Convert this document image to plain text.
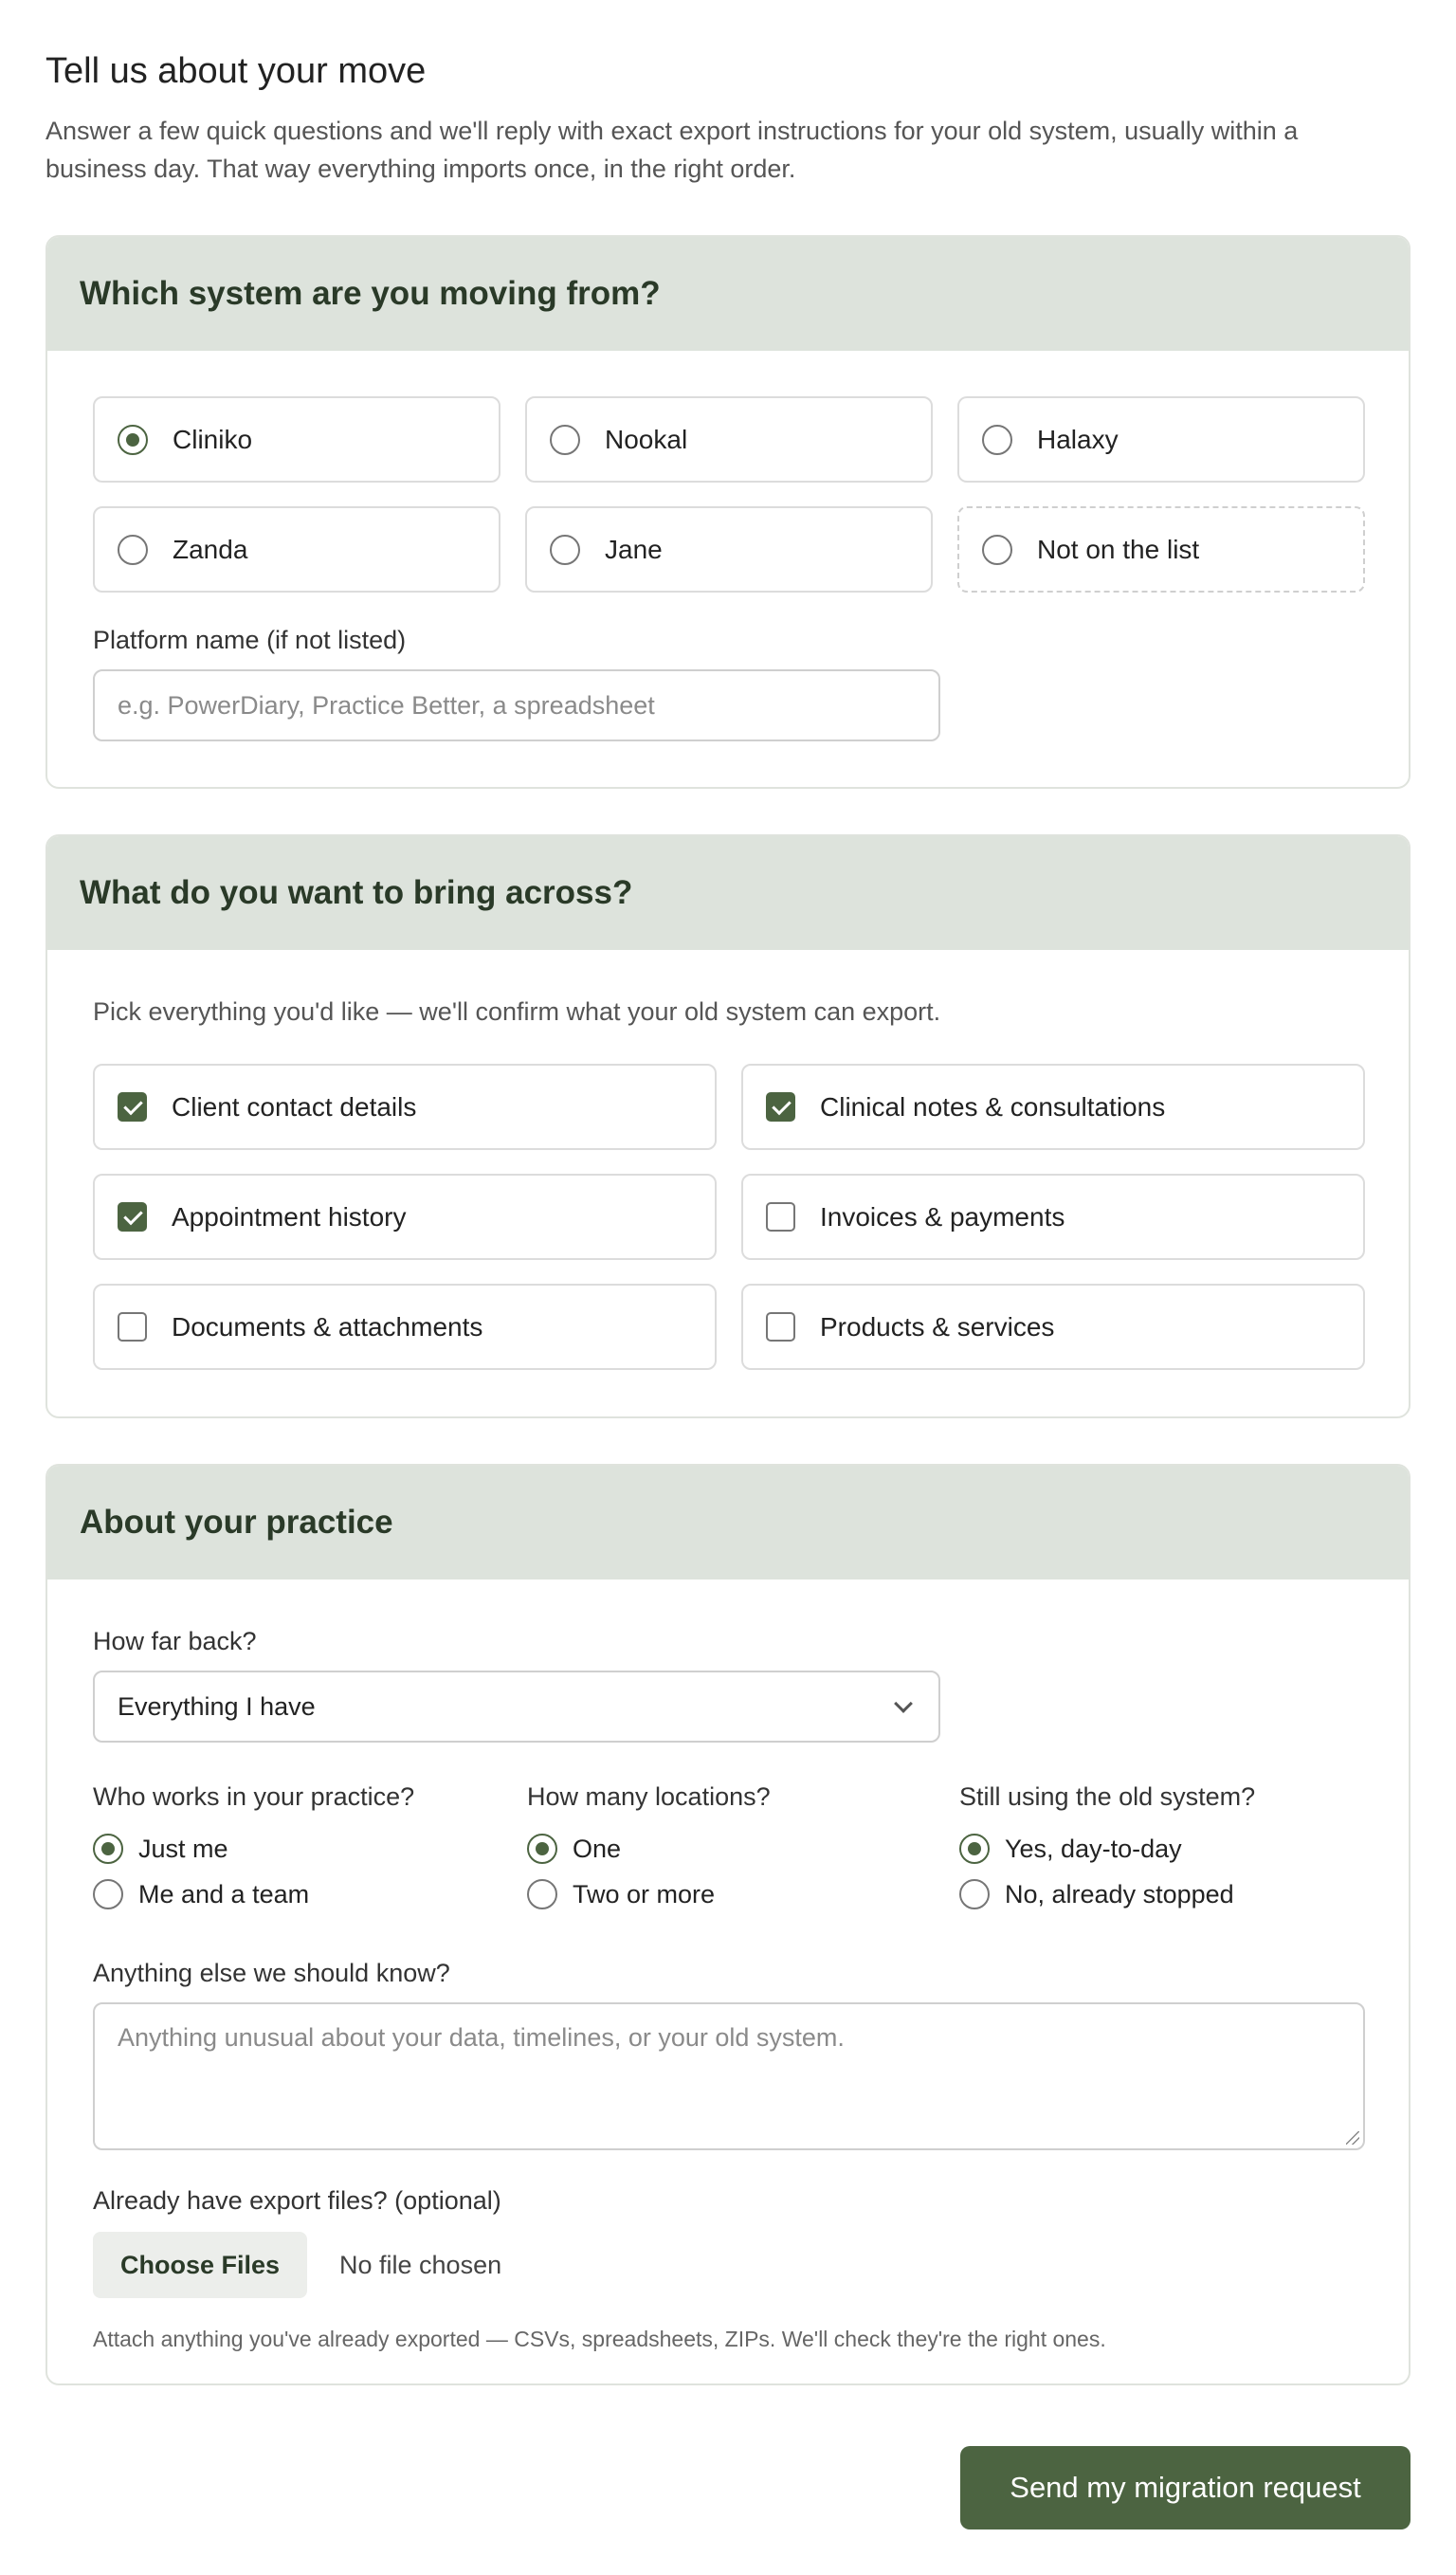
Tell us about your move

Answer a few quick questions and we'll reply with exact export instructions for your old system, usually within a business day. That way everything imports once, in the right order.

Which system are you moving from?
Cliniko	Nookal	Halaxy
Zanda	Jane	Not on the list
Platform name (if not listed)
e.g. PowerDiary, Practice Better, a spreadsheet
What do you want to bring across?

Pick everything you'd like — we'll confirm what your old system can export.

Client contact details	Clinical notes & consultations
Appointment history	Invoices & payments
Documents & attachments	Products & services
About your practice
How far back?
Everything I have
Who works in your practice?
Just me
Me and a team
How many locations?
One
Two or more
Still using the old system?
Yes, day-to-day
No, already stopped
Anything else we should know?
Anything unusual about your data, timelines, or your old system.
Already have export files? (optional)
Choose Files	No file chosen

Attach anything you've already exported — CSVs, spreadsheets, ZIPs. We'll check they're the right ones.

Send my migration request
